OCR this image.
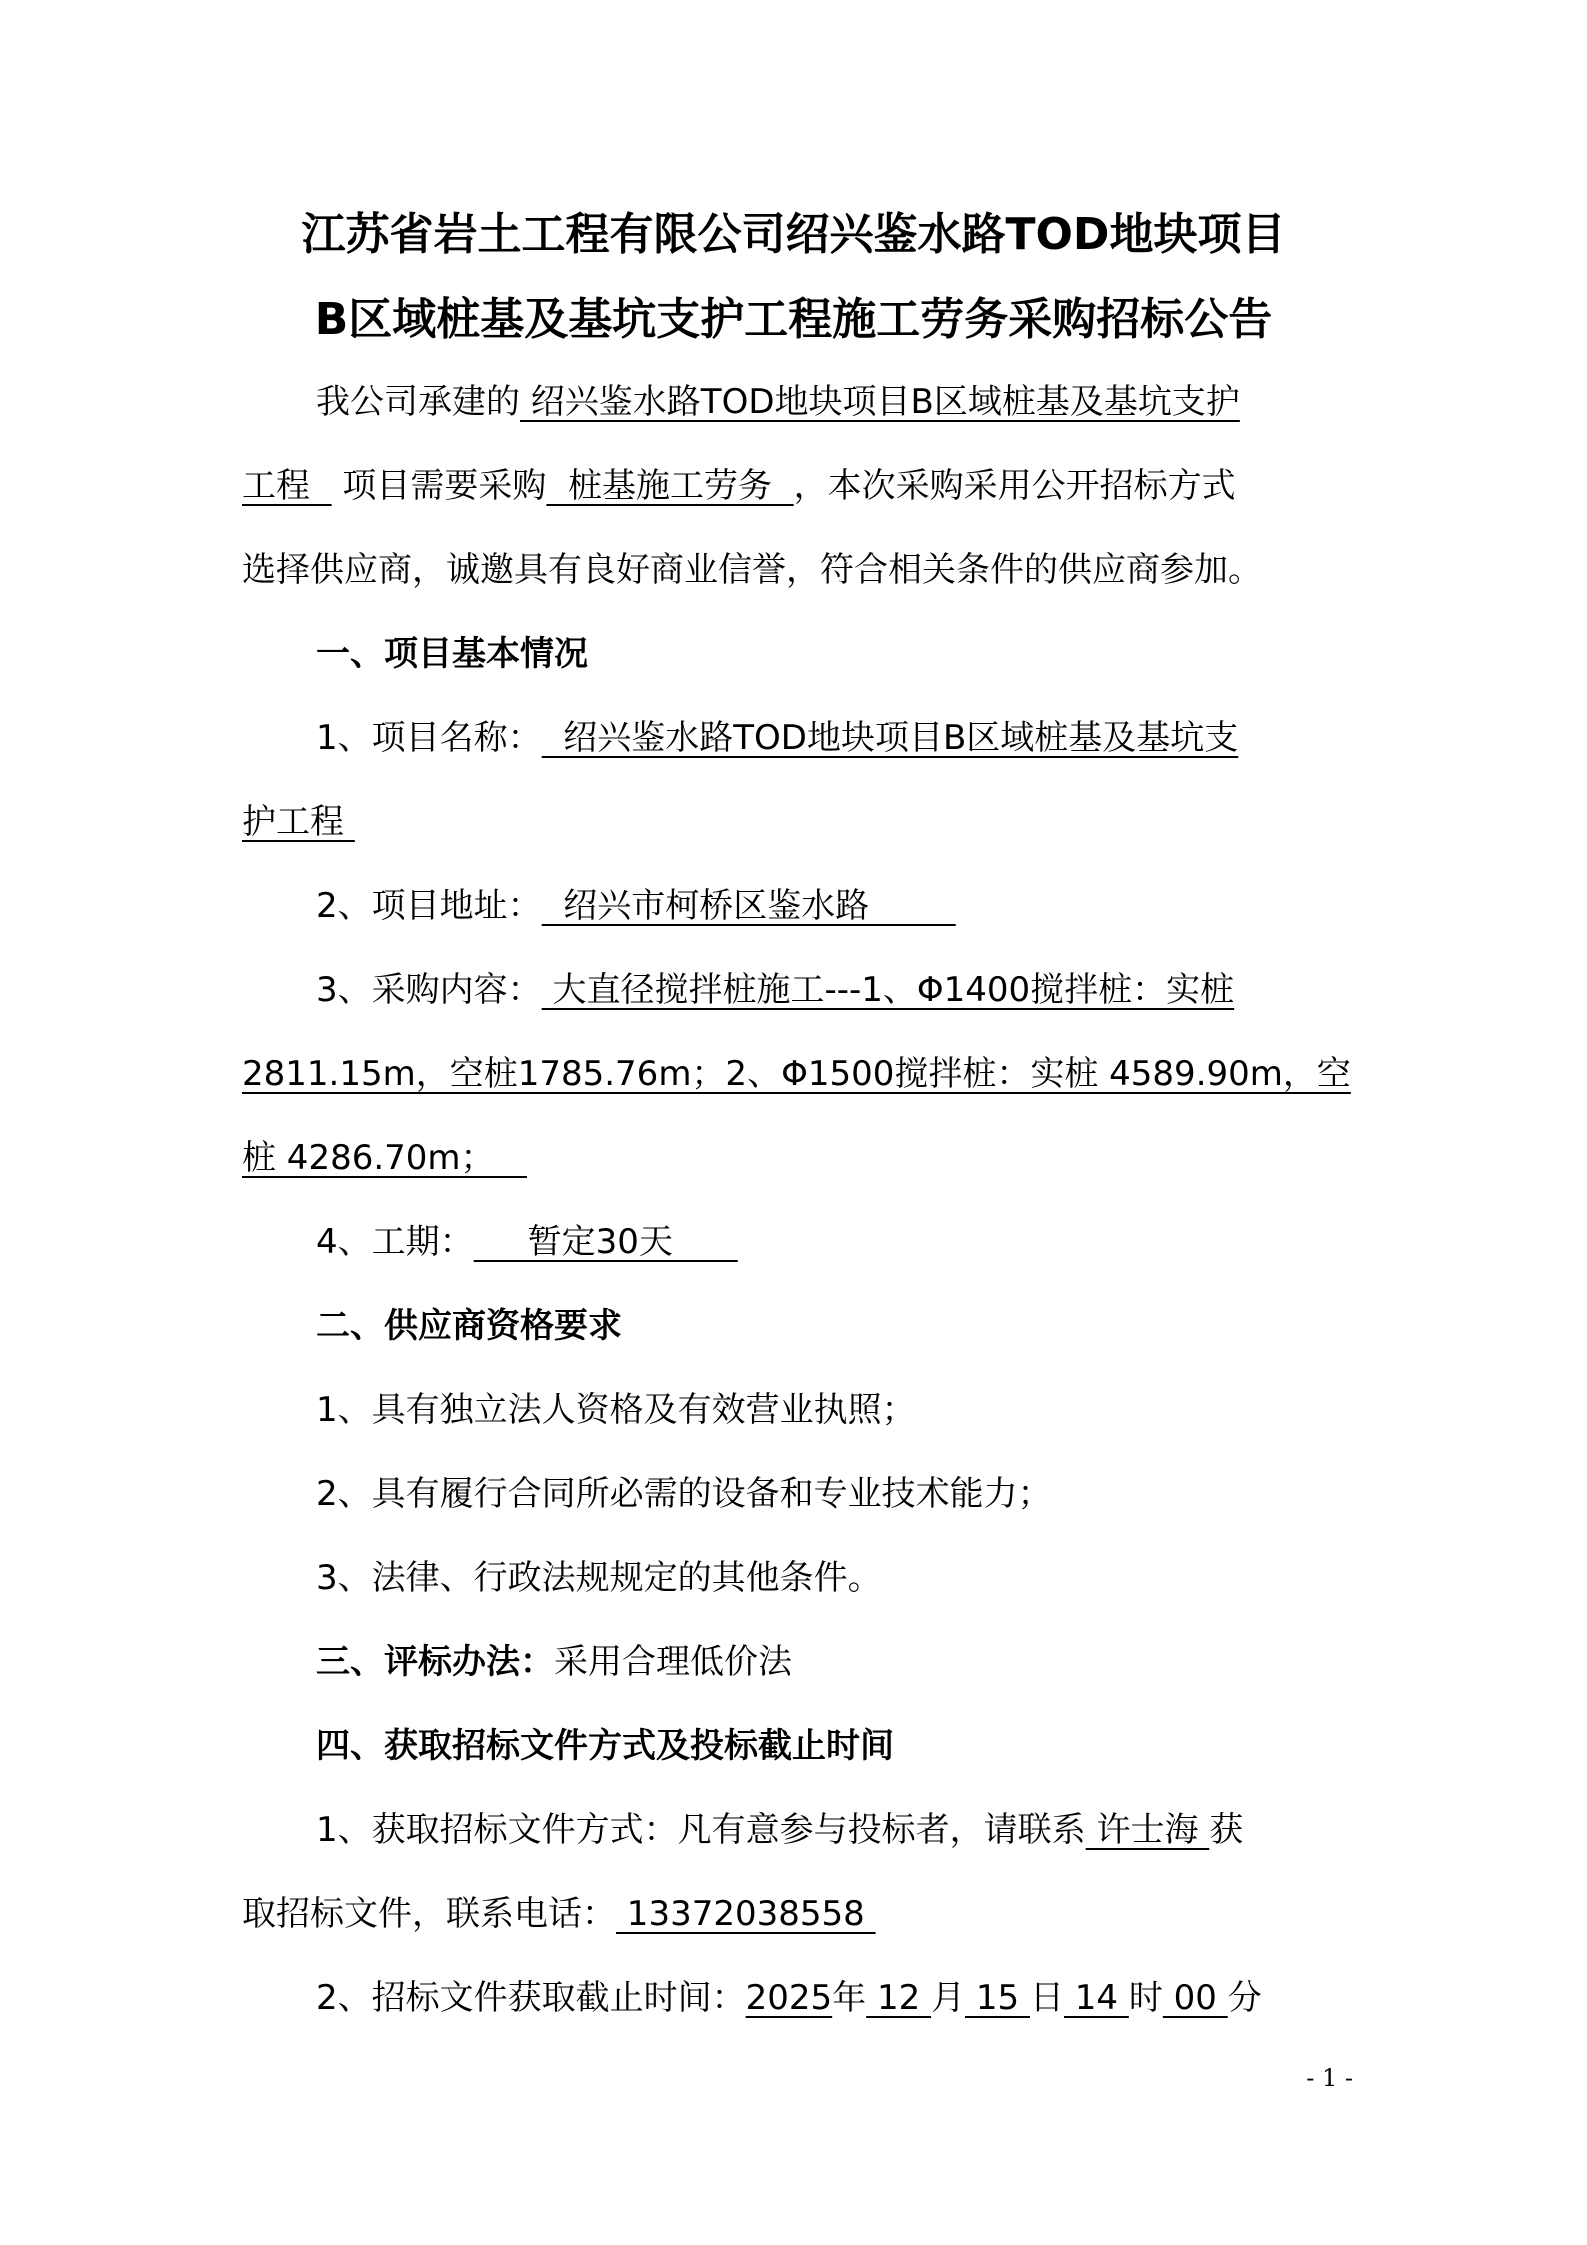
江苏省岩土工程有限公司绍兴鉴水路TOD地块项目
B区域桩基及基坑支护工程施工劳务采购招标公告
我公司承建的 绍兴鉴水路TOD地块项目B区域桩基及基坑支护
工程   项目需要采购  桩基施工劳务  ，本次采购采用公开招标方式
选择供应商，诚邀具有良好商业信誉，符合相关条件的供应商参加。
一、项目基本情况
1、项目名称：  绍兴鉴水路TOD地块项目B区域桩基及基坑支
护工程
2、项目地址：  绍兴市柯桥区鉴水路
3、采购内容： 大直径搅拌桩施工---1、Φ1400搅拌桩：实桩
2811.15m，空桩1785.76m；2、Φ1500搅拌桩：实桩 4589.90m，空
桩 4286.70m；
4、工期：     暂定30天
二、供应商资格要求
1、具有独立法人资格及有效营业执照；
2、具有履行合同所必需的设备和专业技术能力；
3、法律、行政法规规定的其他条件。
三、评标办法：采用合理低价法
四、获取招标文件方式及投标截止时间
1、获取招标文件方式：凡有意参与投标者，请联系 许士海 获
取招标文件，联系电话： 13372038558
2、招标文件获取截止时间：2025年 12 月 15 日 14 时 00 分
- 1 -
